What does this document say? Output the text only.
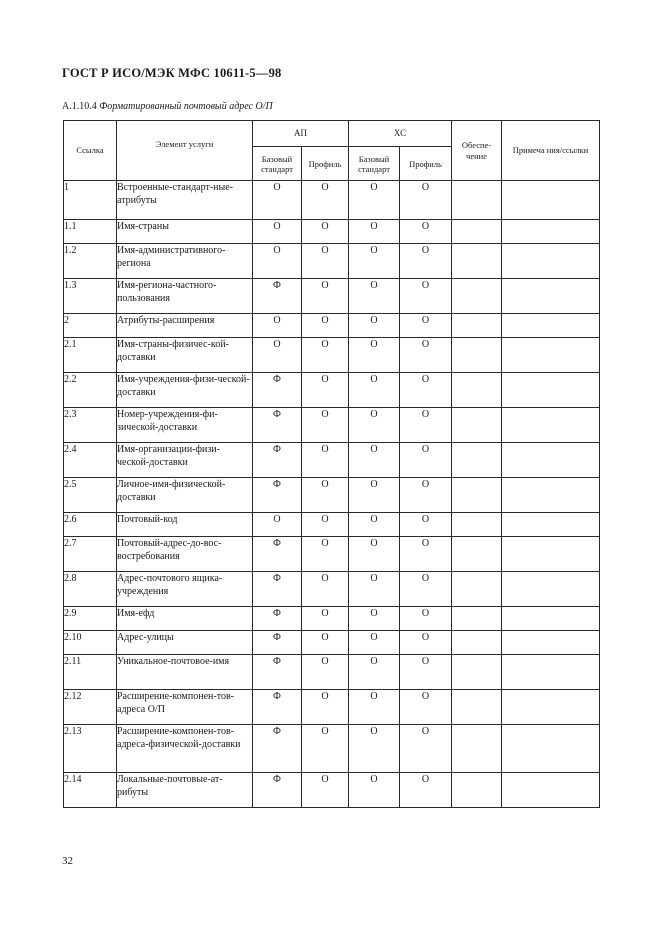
ГОСТ Р ИСО/МЭК МФС 10611-5—98
А.1.10.4 Форматированный почтовый адрес О/П
Ссылка	Элемент услуги	АП		ХС		Обеспе-чение	Примеча ния/ссылки
		Базовый стандарт	Профиль	Базовый стандарт	Профиль		
1	Встроенные-стандарт-ные-атрибуты	О	О	О	О		
1.1	Имя-страны	О	О	О	О		
1.2	Имя-административного-региона	О	О	О	О		
1.3	Имя-региона-частного-пользования	Ф	О	О	О		
2	Атрибуты-расширения	О	О	О	О		
2.1	Имя-страны-физичес-кой-доставки	О	О	О	О		
2.2	Имя-учреждения-физи-ческой-доставки	Ф	О	О	О		
2.3	Номер-учреждения-фи-зической-доставки	Ф	О	О	О		
2.4	Имя-организации-физи-ческой-доставки	Ф	О	О	О		
2.5	Личное-имя-физической-доставки	Ф	О	О	О		
2.6	Почтовый-код	О	О	О	О		
2.7	Почтовый-адрес-до-вос-востребования	Ф	О	О	О		
2.8	Адрес-почтового ящика-учреждения	Ф	О	О	О		
2.9	Имя-ефд	Ф	О	О	О		
2.10	Адрес-улицы	Ф	О	О	О		
2.11	Уникальное-почтовое-имя	Ф	О	О	О		
2.12	Расширение-компонен-тов-адреса О/П	Ф	О	О	О		
2.13	Расширение-компонен-тов-адреса-физической-доставки	Ф	О	О	О		
2.14	Локальные-почтовые-ат-рибуты	Ф	О	О	О		
32
